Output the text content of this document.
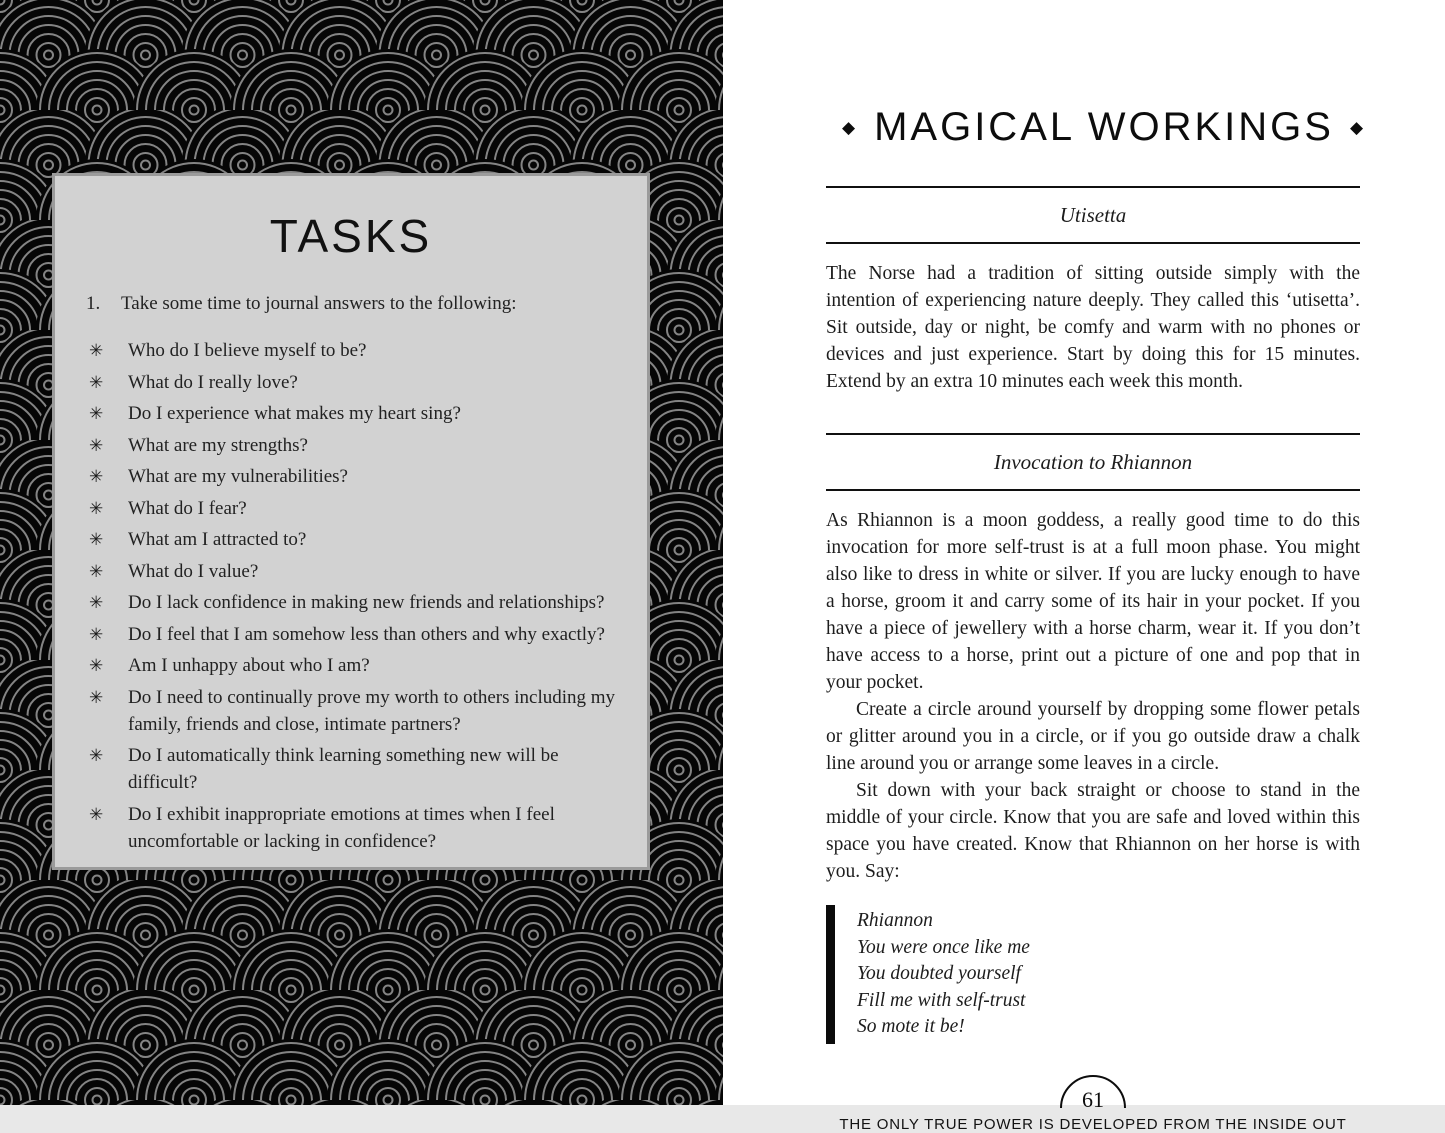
TASKS
1.	Take some time to journal answers to the following:
✳ Who do I believe myself to be?
✳ What do I really love?
✳ Do I experience what makes my heart sing?
✳ What are my strengths?
✳ What are my vulnerabilities?
✳ What do I fear?
✳ What am I attracted to?
✳ What do I value?
✳ Do I lack confidence in making new friends and relationships?
✳ Do I feel that I am somehow less than others and why exactly?
✳ Am I unhappy about who I am?
✳ Do I need to continually prove my worth to others including my family, friends and close, intimate partners?
✳ Do I automatically think learning something new will be difficult?
✳ Do I exhibit inappropriate emotions at times when I feel uncomfortable or lacking in confidence?
◆ MAGICAL WORKINGS ◆
Utisetta

The Norse had a tradition of sitting outside simply with the intention of experiencing nature deeply. They called this ‘utisetta’. Sit outside, day or night, be comfy and warm with no phones or devices and just experience. Start by doing this for 15 minutes. Extend by an extra 10 minutes each week this month.

Invocation to Rhiannon

As Rhiannon is a moon goddess, a really good time to do this invocation for more self-trust is at a full moon phase. You might also like to dress in white or silver. If you are lucky enough to have a horse, groom it and carry some of its hair in your pocket. If you have a piece of jewellery with a horse charm, wear it. If you don’t have access to a horse, print out a picture of one and pop that in your pocket.

Create a circle around yourself by dropping some flower petals or glitter around you in a circle, or if you go outside draw a chalk line around you or arrange some leaves in a circle.

Sit down with your back straight or choose to stand in the middle of your circle. Know that you are safe and loved within this space you have created. Know that Rhiannon on her horse is with you. Say:

Rhiannon
You were once like me
You doubted yourself
Fill me with self-trust
So mote it be!
61
THE ONLY TRUE POWER IS DEVELOPED FROM THE INSIDE OUT
